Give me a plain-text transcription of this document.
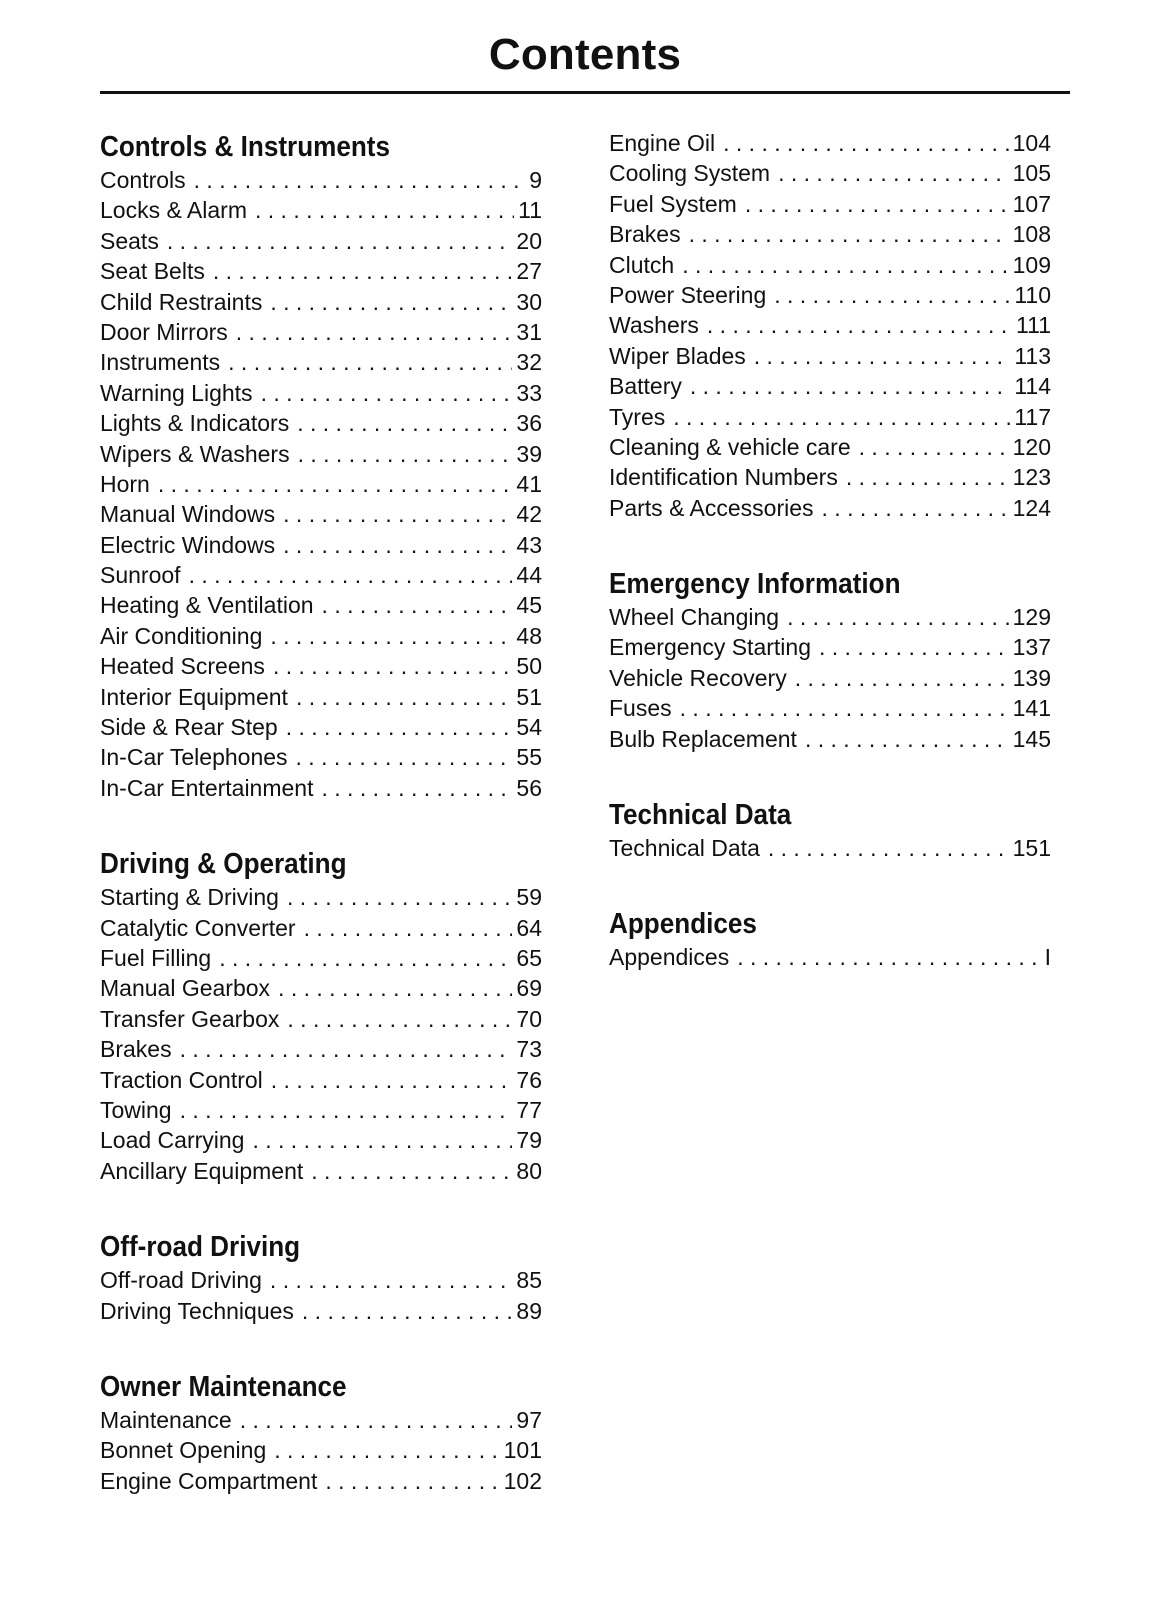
Contents
Controls & Instruments
Controls . . .	9
Locks & Alarm . . .	11
Seats . . .	20
Seat Belts . . .	27
Child Restraints . . .	30
Door Mirrors . . .	31
Instruments . . .	32
Warning Lights . . .	33
Lights & Indicators . . .	36
Wipers & Washers . . .	39
Horn . . .	41
Manual Windows . . .	42
Electric Windows . . .	43
Sunroof . . .	44
Heating & Ventilation . . .	45
Air Conditioning . . .	48
Heated Screens . . .	50
Interior Equipment . . .	51
Side & Rear Step . . .	54
In-Car Telephones . . .	55
In-Car Entertainment . . .	56
Driving & Operating
Starting & Driving . . .	59
Catalytic Converter . . .	64
Fuel Filling . . .	65
Manual Gearbox . . .	69
Transfer Gearbox . . .	70
Brakes . . .	73
Traction Control . . .	76
Towing . . .	77
Load Carrying . . .	79
Ancillary Equipment . . .	80
Off-road Driving
Off-road Driving . . .	85
Driving Techniques . . .	89
Owner Maintenance
Maintenance . . .	97
Bonnet Opening . . .	101
Engine Compartment . . .	102
Engine Oil . . .	104
Cooling System . . .	105
Fuel System . . .	107
Brakes . . .	108
Clutch . . .	109
Power Steering . . .	110
Washers . . .	111
Wiper Blades . . .	113
Battery . . .	114
Tyres . . .	117
Cleaning & vehicle care . . .	120
Identification Numbers . . .	123
Parts & Accessories . . .	124
Emergency Information
Wheel Changing . . .	129
Emergency Starting . . .	137
Vehicle Recovery . . .	139
Fuses . . .	141
Bulb Replacement . . .	145
Technical Data
Technical Data . . .	151
Appendices
Appendices . . .	I
